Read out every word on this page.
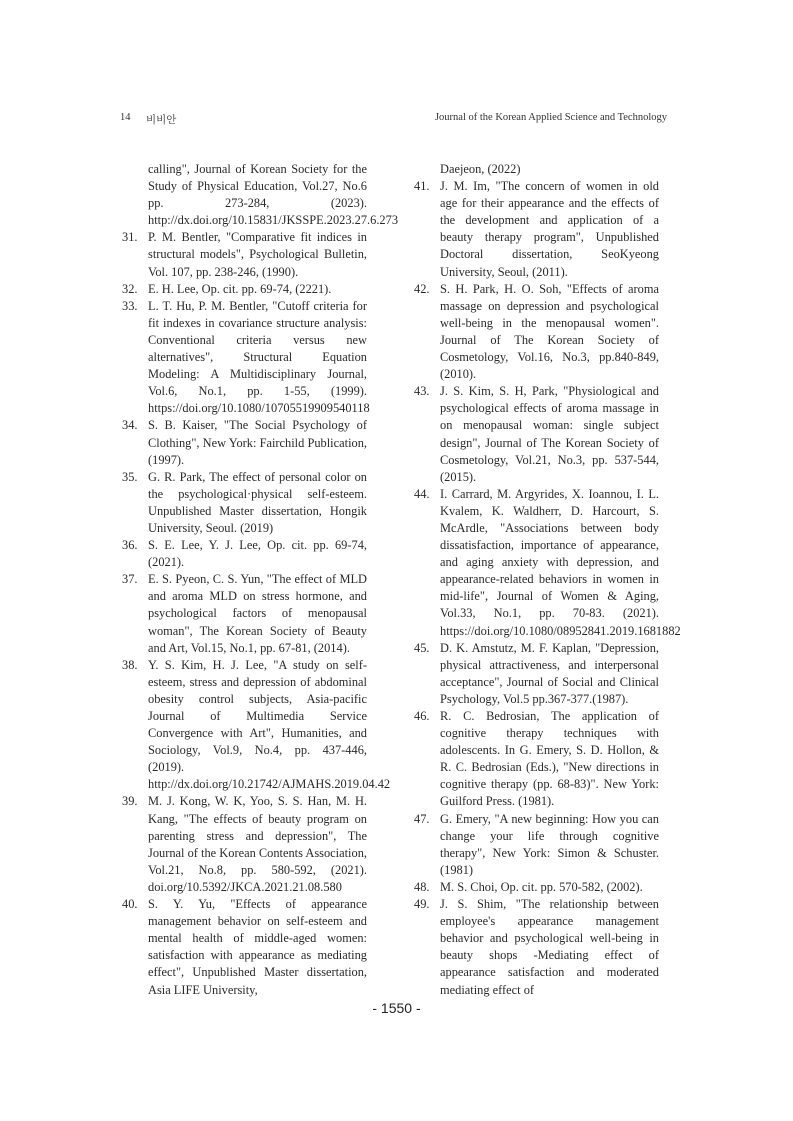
14 비비안	Journal of the Korean Applied Science and Technology
calling", Journal of Korean Society for the Study of Physical Education, Vol.27, No.6 pp. 273-284, (2023). http://dx.doi.org/10.15831/JKSSPE.2023.27.6.273
31. P. M. Bentler, "Comparative fit indices in structural models", Psychological Bulletin, Vol. 107, pp. 238-246, (1990).
32. E. H. Lee, Op. cit. pp. 69-74, (2221).
33. L. T. Hu, P. M. Bentler, "Cutoff criteria for fit indexes in covariance structure analysis: Conventional criteria versus new alternatives", Structural Equation Modeling: A Multidisciplinary Journal, Vol.6, No.1, pp. 1-55, (1999). https://doi.org/10.1080/10705519909540118
34. S. B. Kaiser, "The Social Psychology of Clothing", New York: Fairchild Publication, (1997).
35. G. R. Park, The effect of personal color on the psychological·physical self-esteem. Unpublished Master dissertation, Hongik University, Seoul. (2019)
36. S. E. Lee, Y. J. Lee, Op. cit. pp. 69-74, (2021).
37. E. S. Pyeon, C. S. Yun, "The effect of MLD and aroma MLD on stress hormone, and psychological factors of menopausal woman", The Korean Society of Beauty and Art, Vol.15, No.1, pp. 67-81, (2014).
38. Y. S. Kim, H. J. Lee, "A study on self-esteem, stress and depression of abdominal obesity control subjects, Asia-pacific Journal of Multimedia Service Convergence with Art", Humanities, and Sociology, Vol.9, No.4, pp. 437-446, (2019). http://dx.doi.org/10.21742/AJMAHS.2019.04.42
39. M. J. Kong, W. K, Yoo, S. S. Han, M. H. Kang, "The effects of beauty program on parenting stress and depression", The Journal of the Korean Contents Association, Vol.21, No.8, pp. 580-592, (2021). doi.org/10.5392/JKCA.2021.21.08.580
40. S. Y. Yu, "Effects of appearance management behavior on self-esteem and mental health of middle-aged women: satisfaction with appearance as mediating effect", Unpublished Master dissertation, Asia LIFE University,
Daejeon, (2022)
41. J. M. Im, "The concern of women in old age for their appearance and the effects of the development and application of a beauty therapy program", Unpublished Doctoral dissertation, SeoKyeong University, Seoul, (2011).
42. S. H. Park, H. O. Soh, "Effects of aroma massage on depression and psychological well-being in the menopausal women". Journal of The Korean Society of Cosmetology, Vol.16, No.3, pp.840-849, (2010).
43. J. S. Kim, S. H, Park, "Physiological and psychological effects of aroma massage in on menopausal woman: single subject design", Journal of The Korean Society of Cosmetology, Vol.21, No.3, pp. 537-544, (2015).
44. I. Carrard, M. Argyrides, X. Ioannou, I. L. Kvalem, K. Waldherr, D. Harcourt, S. McArdle, "Associations between body dissatisfaction, importance of appearance, and aging anxiety with depression, and appearance-related behaviors in women in mid-life", Journal of Women & Aging, Vol.33, No.1, pp. 70-83. (2021). https://doi.org/10.1080/08952841.2019.1681882
45. D. K. Amstutz, M. F. Kaplan, "Depression, physical attractiveness, and interpersonal acceptance", Journal of Social and Clinical Psychology, Vol.5 pp.367-377.(1987).
46. R. C. Bedrosian, The application of cognitive therapy techniques with adolescents. In G. Emery, S. D. Hollon, & R. C. Bedrosian (Eds.), "New directions in cognitive therapy (pp. 68-83)". New York: Guilford Press. (1981).
47. G. Emery, "A new beginning: How you can change your life through cognitive therapy", New York: Simon & Schuster. (1981)
48. M. S. Choi, Op. cit. pp. 570-582, (2002).
49. J. S. Shim, "The relationship between employee's appearance management behavior and psychological well-being in beauty shops -Mediating effect of appearance satisfaction and moderated mediating effect of
- 1550 -
